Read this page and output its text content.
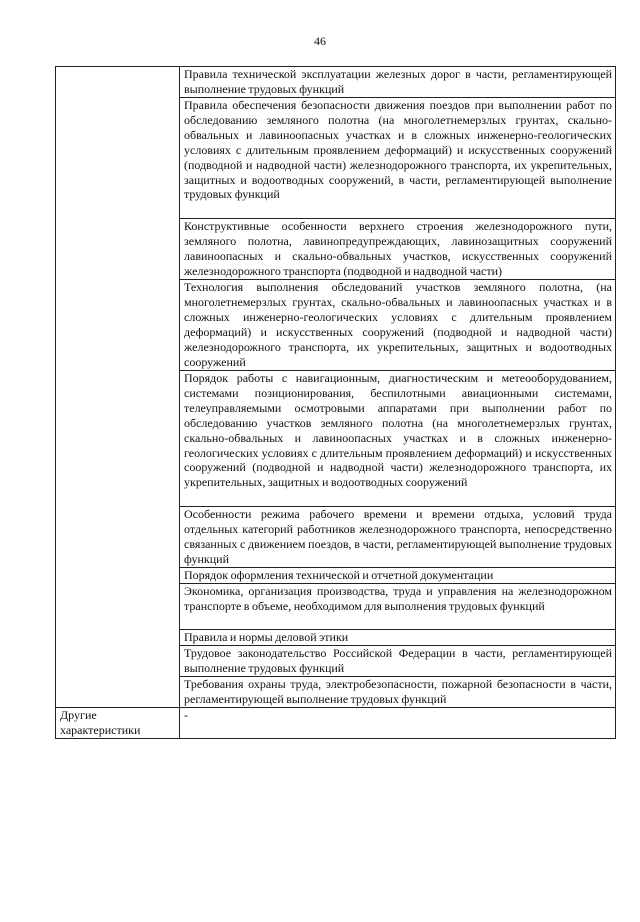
46
	Правила технической эксплуатации железных дорог в части, регламентирующей выполнение трудовых функций
	Правила обеспечения безопасности движения поездов при выполнении работ по обследованию земляного полотна (на многолетнемерзлых грунтах, скально-обвальных и лавиноопасных участках и в сложных инженерно-геологических условиях с длительным проявлением деформаций) и искусственных сооружений (подводной и надводной части) железнодорожного транспорта, их укрепительных, защитных и водоотводных сооружений, в части, регламентирующей выполнение трудовых функций
	Конструктивные особенности верхнего строения железнодорожного пути, земляного полотна, лавинопредупреждающих, лавинозащитных сооружений лавиноопасных и скально-обвальных участков, искусственных сооружений железнодорожного транспорта (подводной и надводной части)
	Технология выполнения обследований участков земляного полотна, (на многолетнемерзлых грунтах, скально-обвальных и лавиноопасных участках и в сложных инженерно-геологических условиях с длительным проявлением деформаций) и искусственных сооружений (подводной и надводной части) железнодорожного транспорта, их укрепительных, защитных и водоотводных сооружений
	Порядок работы с навигационным, диагностическим и метеооборудованием, системами позиционирования, беспилотными авиационными системами, телеуправляемыми осмотровыми аппаратами при выполнении работ по обследованию участков земляного полотна (на многолетнемерзлых грунтах, скально-обвальных и лавиноопасных участках и в сложных инженерно-геологических условиях с длительным проявлением деформаций) и искусственных сооружений (подводной и надводной части) железнодорожного транспорта, их укрепительных, защитных и водоотводных сооружений
	Особенности режима рабочего времени и времени отдыха, условий труда отдельных категорий работников железнодорожного транспорта, непосредственно связанных с движением поездов, в части, регламентирующей выполнение трудовых функций
	Порядок оформления технической и отчетной документации
	Экономика, организация производства, труда и управления на железнодорожном транспорте в объеме, необходимом для выполнения трудовых функций
	Правила и нормы деловой этики
	Трудовое законодательство Российской Федерации в части, регламентирующей выполнение трудовых функций
	Требования охраны труда, электробезопасности, пожарной безопасности в части, регламентирующей выполнение трудовых функций
Другие характеристики	-
